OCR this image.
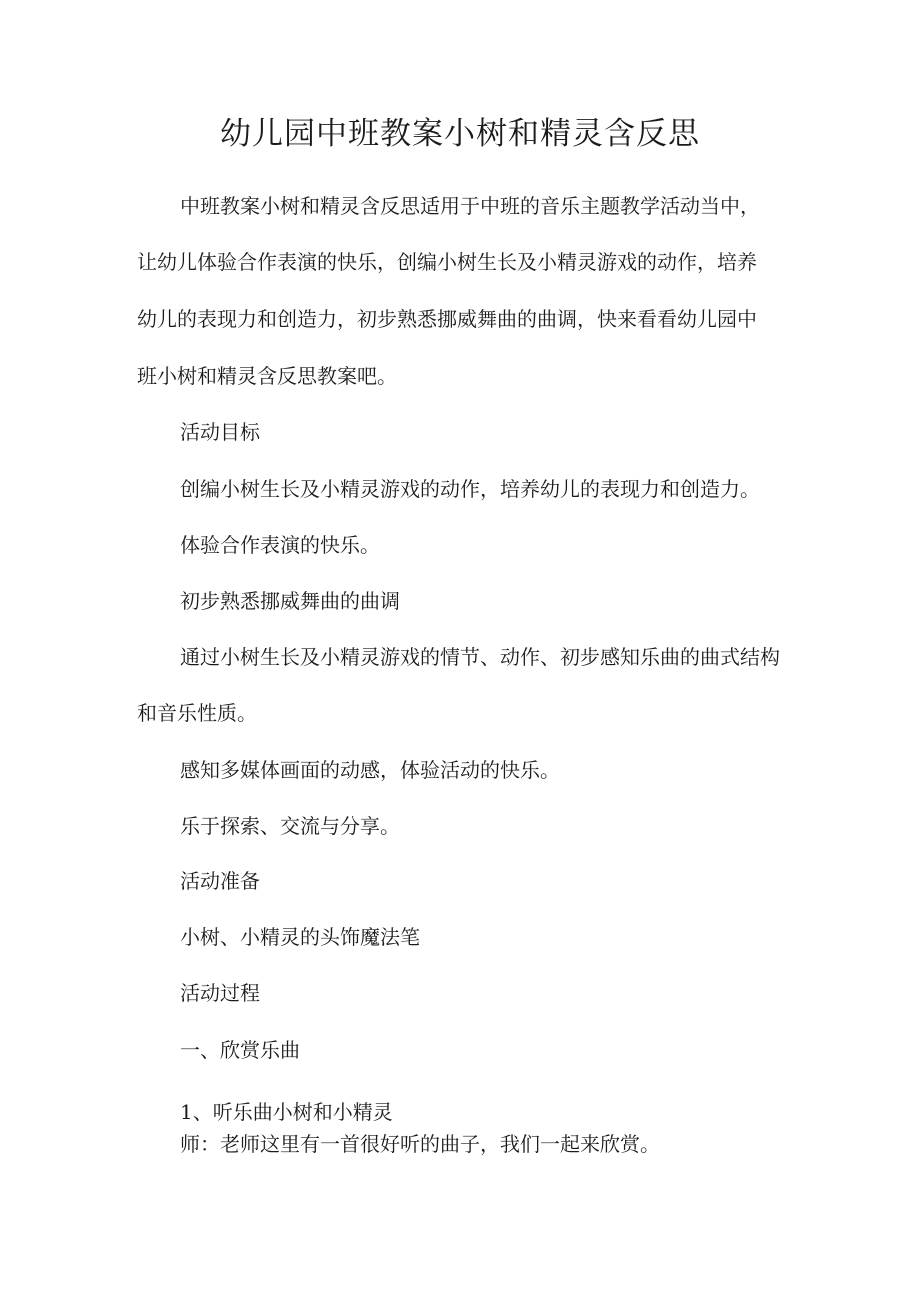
幼儿园中班教案小树和精灵含反思

中班教案小树和精灵含反思适用于中班的音乐主题教学活动当中，

让幼儿体验合作表演的快乐，创编小树生长及小精灵游戏的动作，培养

幼儿的表现力和创造力，初步熟悉挪威舞曲的曲调，快来看看幼儿园中

班小树和精灵含反思教案吧。

活动目标

创编小树生长及小精灵游戏的动作，培养幼儿的表现力和创造力。

体验合作表演的快乐。

初步熟悉挪威舞曲的曲调

通过小树生长及小精灵游戏的情节、动作、初步感知乐曲的曲式结构

和音乐性质。

感知多媒体画面的动感，体验活动的快乐。

乐于探索、交流与分享。

活动准备

小树、小精灵的头饰魔法笔

活动过程

一、欣赏乐曲

1、听乐曲小树和小精灵

师：老师这里有一首很好听的曲子，我们一起来欣赏。
